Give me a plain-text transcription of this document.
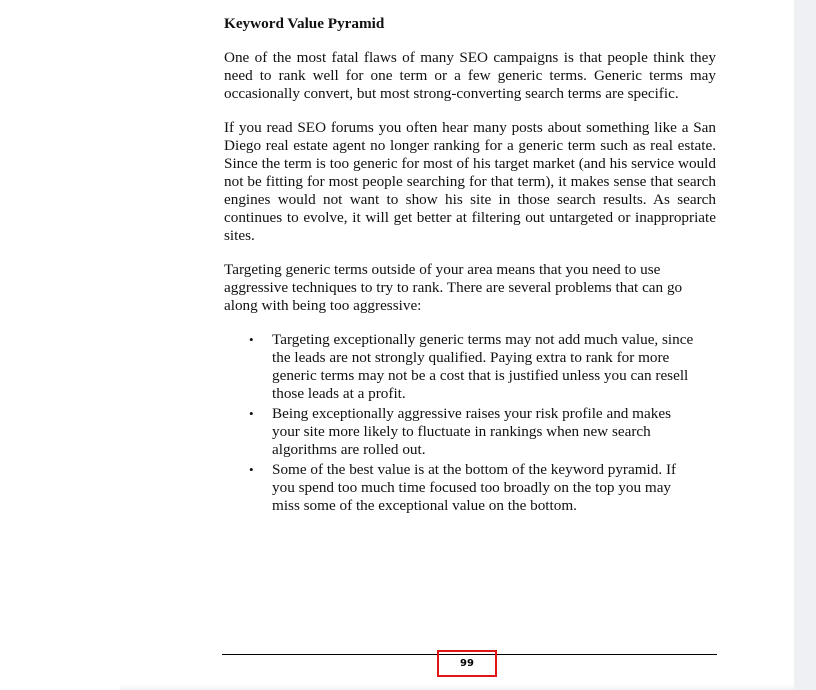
Keyword Value Pyramid

One of the most fatal flaws of many SEO campaigns is that people think they need to rank well for one term or a few generic terms. Generic terms may occasionally convert, but most strong-converting search terms are specific.

If you read SEO forums you often hear many posts about something like a San Diego real estate agent no longer ranking for a generic term such as real estate. Since the term is too generic for most of his target market (and his service would not be fitting for most people searching for that term), it makes sense that search engines would not want to show his site in those search results. As search continues to evolve, it will get better at filtering out untargeted or inappropriate sites.

Targeting generic terms outside of your area means that you need to use aggressive techniques to try to rank. There are several problems that can go along with being too aggressive:

• Targeting exceptionally generic terms may not add much value, since the leads are not strongly qualified. Paying extra to rank for more generic terms may not be a cost that is justified unless you can resell those leads at a profit.
• Being exceptionally aggressive raises your risk profile and makes your site more likely to fluctuate in rankings when new search algorithms are rolled out.
• Some of the best value is at the bottom of the keyword pyramid. If you spend too much time focused too broadly on the top you may miss some of the exceptional value on the bottom.
99
